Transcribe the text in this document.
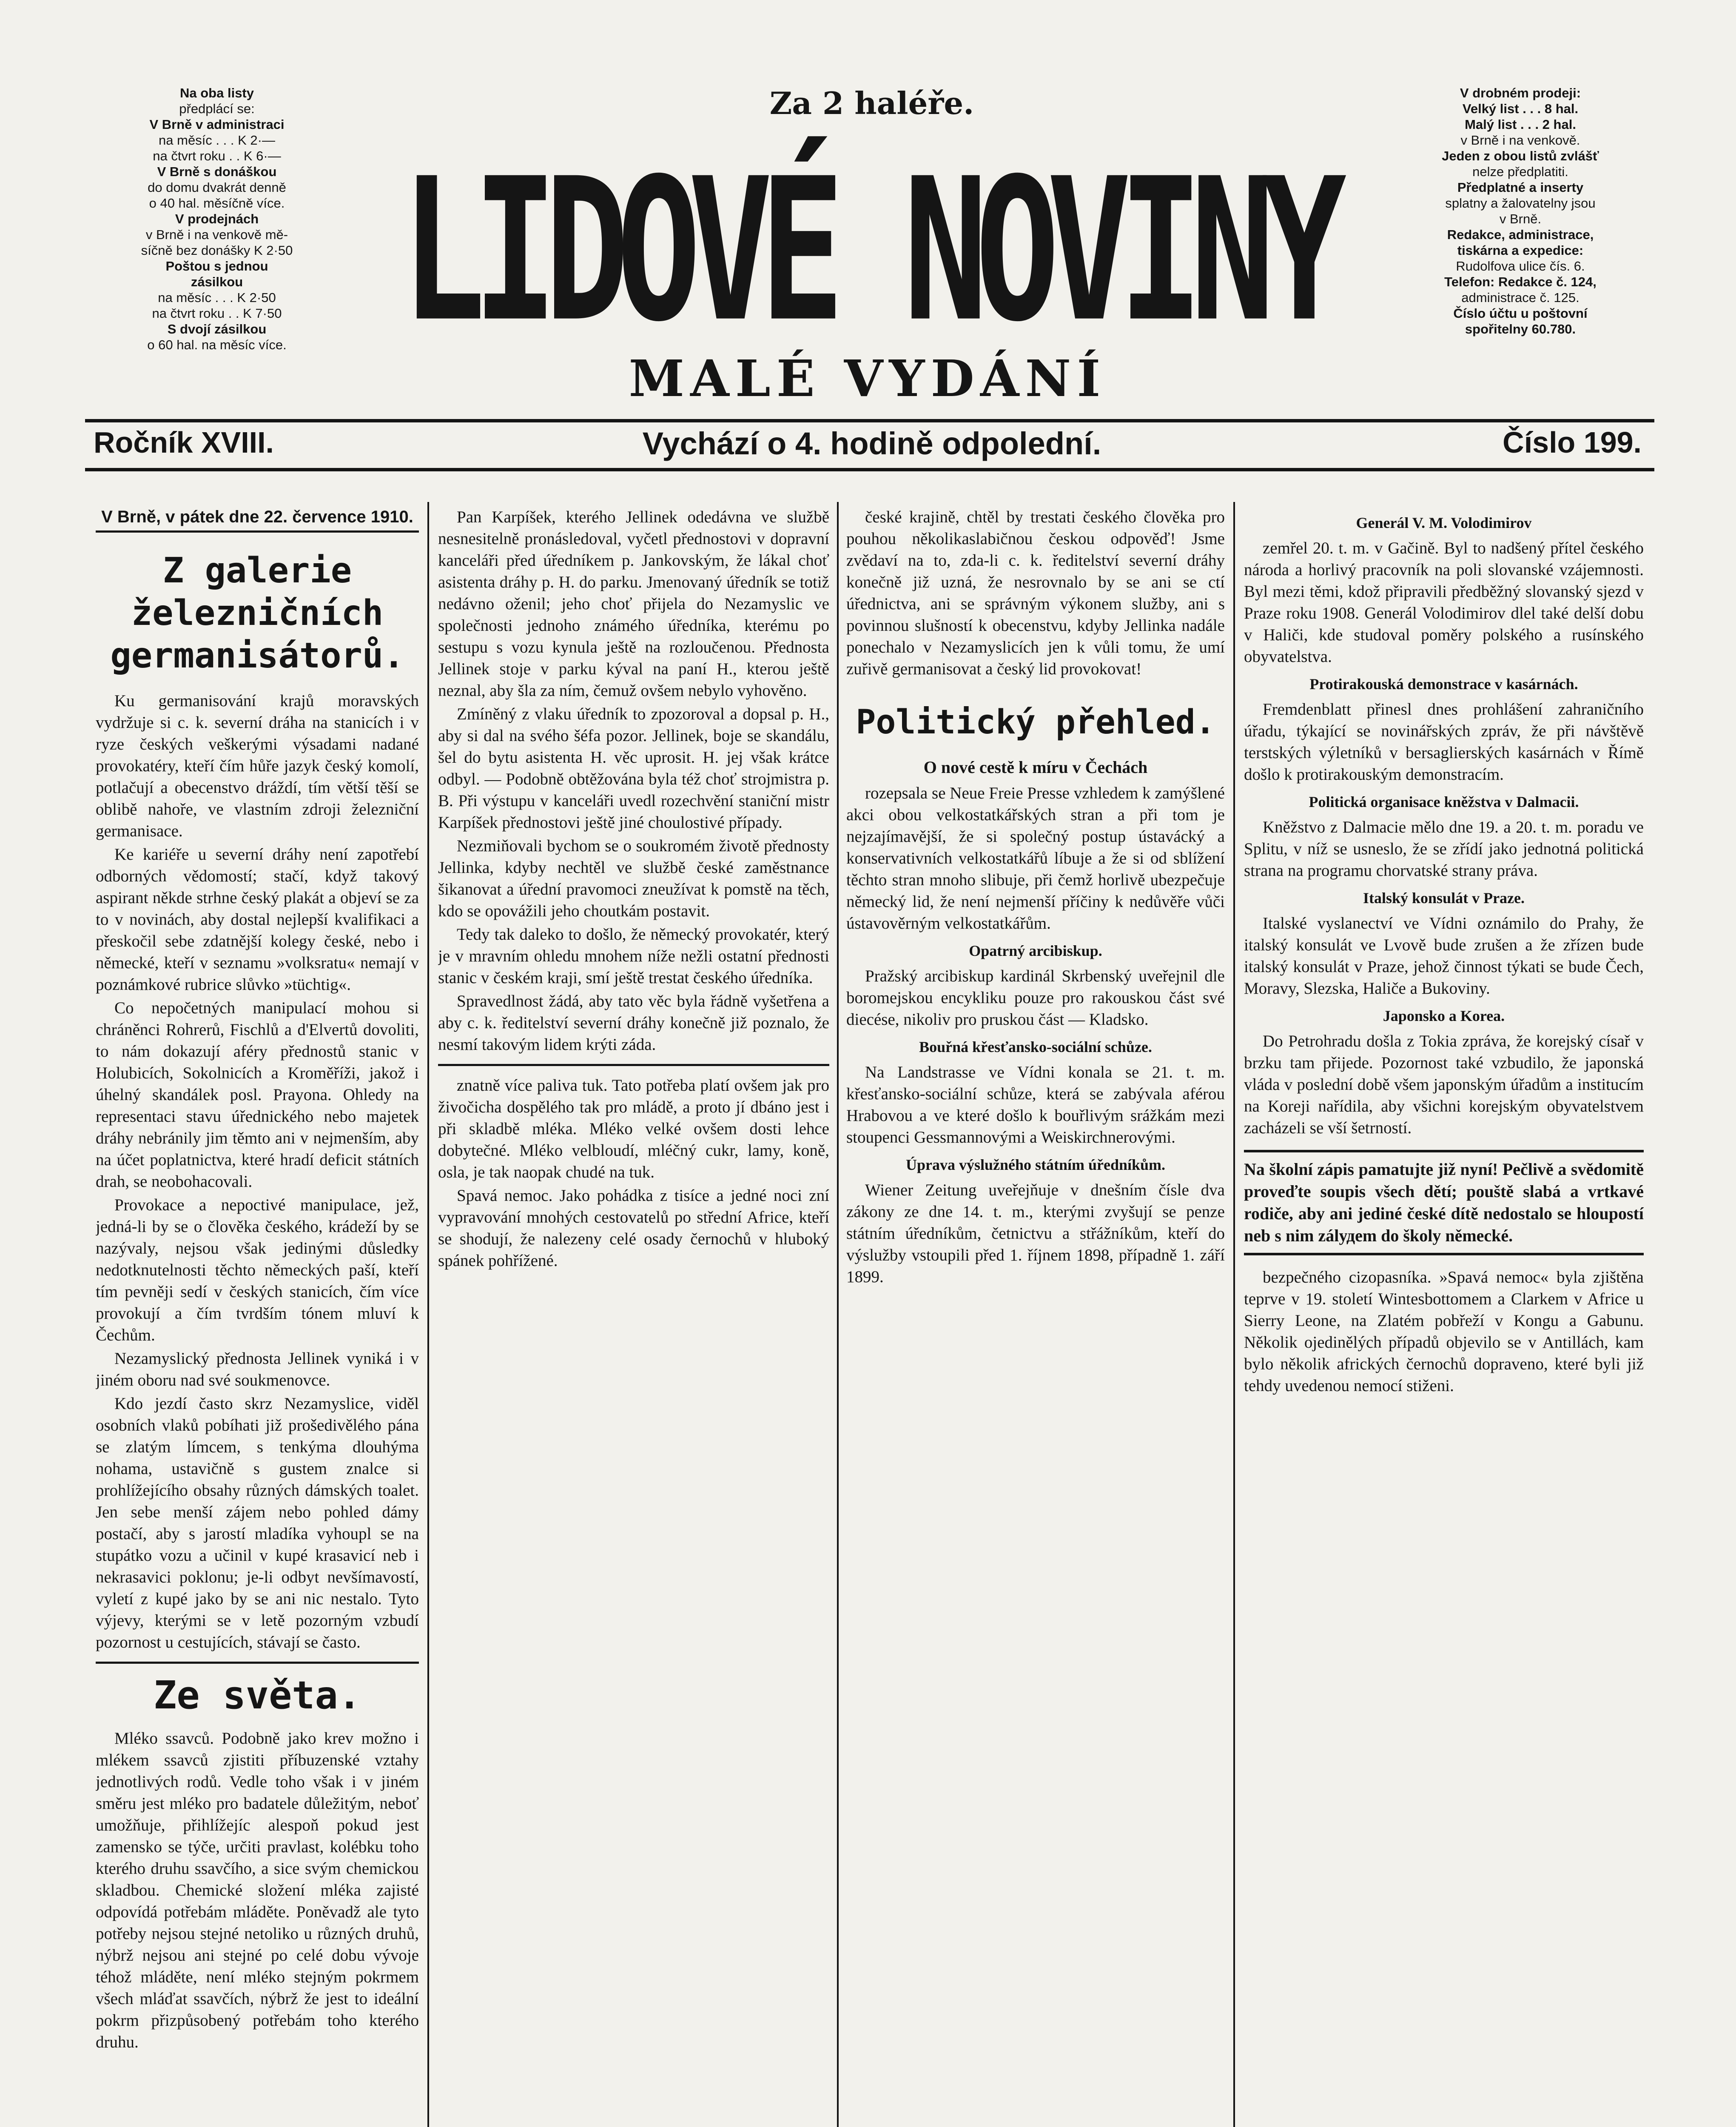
Na oba listy
předplácí se:
V Brně v administraci
na měsíc . . . K 2·—
na čtvrt roku . . K 6·—
V Brně s donáškou
do domu dvakrát denně
o 40 hal. měsíčně více.
V prodejnách
v Brně i na venkově mě-
síčně bez donášky K 2·50
Poštou s jednou
zásilkou
na měsíc . . . K 2·50
na čtvrt roku . . K 7·50
S dvojí zásilkou
o 60 hal. na měsíc více.
Za 2 haléře.
LIDOVÉ NOVINY
MALÉ VYDÁNÍ
V drobném prodeji:
Velký list . . . 8 hal.
Malý list . . . 2 hal.
v Brně i na venkově.
Jeden z obou listů zvlášť
nelze předplatiti.
Předplatné a inserty
splatny a žalovatelny jsou
v Brně.
Redakce, administrace,
tiskárna a expedice:
Rudolfova ulice čís. 6.
Telefon: Redakce č. 124,
administrace č. 125.
Číslo účtu u poštovní
spořitelny 60.780.
Ročník XVIII.	Vychází o 4. hodině odpolední.	Číslo 199.
V Brně, v pátek dne 22. července 1910.
Z galerie železničních germanisátorů.

Ku germanisování krajů moravských vydržuje si c. k. severní dráha na stanicích i v ryze českých veškerými výsadami nadané provokatéry, kteří čím hůře jazyk český komolí, potlačují a obecenstvo dráždí, tím větší těší se oblibě nahoře, ve vlastním zdroji železniční germanisace.

Ke kariéře u severní dráhy není zapotřebí odborných vědomostí; stačí, když takový aspirant někde strhne český plakát a objeví se za to v novinách, aby dostal nejlepší kvalifikaci a přeskočil sebe zdatnější kolegy české, nebo i německé, kteří v seznamu »volksratu« nemají v poznámkové rubrice slůvko »tüchtig«.

Co nepočetných manipulací mohou si chráněnci Rohrerů, Fischlů a d'Elvertů dovoliti, to nám dokazují aféry přednostů stanic v Holubicích, Sokolnicích a Kroměříži, jakož i úhelný skandálek posl. Prayona. Ohledy na representaci stavu úřednického nebo majetek dráhy nebránily jim těmto ani v nejmenším, aby na účet poplatnictva, které hradí deficit státních drah, se neobohacovali.

Provokace a nepoctivé manipulace, jež, jedná-li by se o člověka českého, krádeží by se nazývaly, nejsou však jedinými důsledky nedotknutelnosti těchto německých paší, kteří tím pevněji sedí v českých stanicích, čím více provokují a čím tvrdším tónem mluví k Čechům.

Nezamyslický přednosta Jellinek vyniká i v jiném oboru nad své soukmenovce.

Kdo jezdí často skrz Nezamyslice, viděl osobních vlaků pobíhati již prošedivělého pána se zlatým límcem, s tenkýma dlouhýma nohama, ustavičně s gustem znalce si prohlížejícího obsahy různých dámských toalet. Jen sebe menší zájem nebo pohled dámy postačí, aby s jarostí mladíka vyhoupl se na stupátko vozu a učinil v kupé krasavicí neb i nekrasavici poklonu; je-li odbyt nevšímavostí, vyletí z kupé jako by se ani nic nestalo. Tyto výjevy, kterými se v letě pozorným vzbudí pozornost u cestujících, stávají se často.

Ze světa.

Mléko ssavců. Podobně jako krev možno i mlékem ssavců zjistiti příbuzenské vztahy jednotlivých rodů. Vedle toho však i v jiném směru jest mléko pro badatele důležitým, neboť umožňuje, přihlížejíc alespoň pokud jest zamensko se týče, určiti pravlast, kolébku toho kterého druhu ssavčího, a sice svým chemickou skladbou. Chemické složení mléka zajisté odpovídá potřebám mláděte. Poněvadž ale tyto potřeby nejsou stejné netoliko u různých druhů, nýbrž nejsou ani stejné po celé dobu vývoje téhož mláděte, není mléko stejným pokrmem všech mláďat ssavčích, nýbrž že jest to ideální pokrm přizpůsobený potřebám toho kterého druhu.

Pan Karpíšek, kterého Jellinek odedávna ve službě nesnesitelně pronásledoval, vyčetl přednostovi v dopravní kanceláři před úředníkem p. Jankovským, že lákal choť asistenta dráhy p. H. do parku. Jmenovaný úředník se totiž nedávno oženil; jeho choť přijela do Nezamyslic ve společnosti jednoho známého úředníka, kterému po sestupu s vozu kynula ještě na rozloučenou. Přednosta Jellinek stoje v parku kýval na paní H., kterou ještě neznal, aby šla za ním, čemuž ovšem nebylo vyhověno.

Zmíněný z vlaku úředník to zpozoroval a dopsal p. H., aby si dal na svého šéfa pozor. Jellinek, boje se skandálu, šel do bytu asistenta H. věc uprosit. H. jej však krátce odbyl. — Podobně obtěžována byla též choť strojmistra p. B. Při výstupu v kanceláři uvedl rozechvění staniční mistr Karpíšek přednostovi ještě jiné choulostivé případy.

Nezmiňovali bychom se o soukromém životě přednosty Jellinka, kdyby nechtěl ve službě české zaměstnance šikanovat a úřední pravomoci zneužívat k pomstě na těch, kdo se opovážili jeho choutkám postavit.

Tedy tak daleko to došlo, že německý provokatér, který je v mravním ohledu mnohem níže nežli ostatní přednosti stanic v českém kraji, smí ještě trestat českého úředníka.

Spravedlnost žádá, aby tato věc byla řádně vyšetřena a aby c. k. ředitelství severní dráhy konečně již poznalo, že nesmí takovým lidem krýti záda.

znatně více paliva tuk. Tato potřeba platí ovšem jak pro živočicha dospělého tak pro mládě, a proto jí dbáno jest i při skladbě mléka. Mléko velké ovšem dosti lehce dobytečné. Mléko velbloudí, mléčný cukr, lamy, koně, osla, je tak naopak chudé na tuk.

Spavá nemoc. Jako pohádka z tisíce a jedné noci zní vypravování mnohých cestovatelů po střední Africe, kteří se shodují, že nalezeny celé osady černochů v hluboký spánek pohřížené.

české krajině, chtěl by trestati českého člověka pro pouhou několikaslabičnou českou odpověď! Jsme zvědaví na to, zda-li c. k. ředitelství severní dráhy konečně již uzná, že nesrovnalo by se ani se ctí úřednictva, ani se správným výkonem služby, ani s povinnou slušností k obecenstvu, kdyby Jellinka nadále ponechalo v Nezamyslicích jen k vůli tomu, že umí zuřivě germanisovat a český lid provokovat!

Politický přehled.
O nové cestě k míru v Čechách

rozepsala se Neue Freie Presse vzhledem k zamýšlené akci obou velkostatkářských stran a při tom je nejzajímavější, že si společný postup ústavácký a konservativních velkostatkářů líbuje a že si od sblížení těchto stran mnoho slibuje, při čemž horlivě ubezpečuje německý lid, že není nejmenší příčiny k nedůvěře vůči ústavověrným velkostatkářům.

Opatrný arcibiskup.

Pražský arcibiskup kardinál Skrbenský uveřejnil dle boromejskou encykliku pouze pro rakouskou část své diecése, nikoliv pro pruskou část — Kladsko.

Bouřná křesťansko-sociální schůze.

Na Landstrasse ve Vídni konala se 21. t. m. křesťansko-sociální schůze, která se zabývala aférou Hrabovou a ve které došlo k bouřlivým srážkám mezi stoupenci Gessmannovými a Weiskirchnerovými.

Úprava výslužného státním úředníkům.

Wiener Zeitung uveřejňuje v dnešním čísle dva zákony ze dne 14. t. m., kterými zvyšují se penze státním úředníkům, četnictvu a střážníkům, kteří do výslužby vstoupili před 1. říjnem 1898, případně 1. září 1899.

Generál V. M. Volodimirov

zemřel 20. t. m. v Gačině. Byl to nadšený přítel českého národa a horlivý pracovník na poli slovanské vzájemnosti. Byl mezi těmi, kdož připravili předběžný slovanský sjezd v Praze roku 1908. Generál Volodimirov dlel také delší dobu v Haliči, kde studoval poměry polského a rusínského obyvatelstva.

Protirakouská demonstrace v kasárnách.

Fremdenblatt přinesl dnes prohlášení zahraničního úřadu, týkající se novinářských zpráv, že při návštěvě terstských výletníků v bersaglierských kasárnách v Římě došlo k protirakouským demonstracím.

Politická organisace kněžstva v Dalmacii.

Kněžstvo z Dalmacie mělo dne 19. a 20. t. m. poradu ve Splitu, v níž se usneslo, že se zřídí jako jednotná politická strana na programu chorvatské strany práva.

Italský konsulát v Praze.

Italské vyslanectví ve Vídni oznámilo do Prahy, že italský konsulát ve Lvově bude zrušen a že zřízen bude italský konsulát v Praze, jehož činnost týkati se bude Čech, Moravy, Slezska, Haliče a Bukoviny.

Japonsko a Korea.

Do Petrohradu došla z Tokia zpráva, že korejský císař v brzku tam přijede. Pozornost také vzbudilo, že japonská vláda v poslední době všem japonským úřadům a institucím na Koreji nařídila, aby všichni korejským obyvatelstvem zacházeli se vší šetrností.

Na školní zápis pamatujte již nyní! Pečlivě a svědomitě proveďte soupis všech dětí; pouště slabá a vrtkavé rodiče, aby ani jediné české dítě nedostalo se hloupostí neb s nim zálудem do školy německé.

bezpečného cizopasníka. »Spavá nemoc« byla zjištěna teprve v 19. století Wintesbottomem a Clarkem v Africe u Sierry Leone, na Zlatém pobřeží v Kongu a Gabunu. Několik ojedinělých případů objevilo se v Antillách, kam bylo několik afrických černochů dopraveno, které byli již tehdy uvedenou nemocí stiženi.
